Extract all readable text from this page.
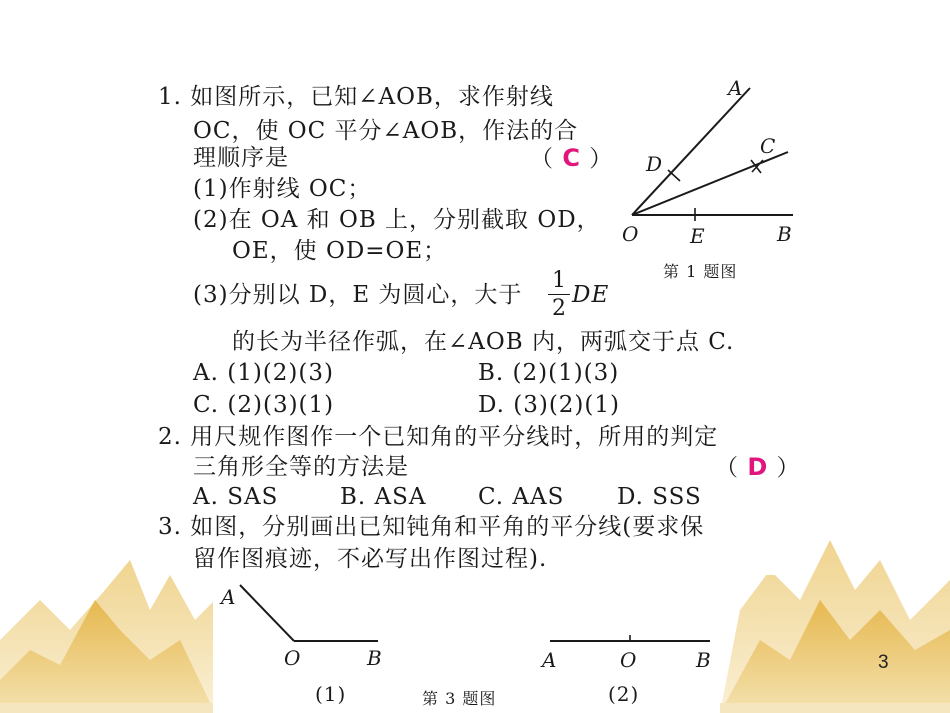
1. 如图所示，已知∠AOB，求作射线
OC，使 OC 平分∠AOB，作法的合
理顺序是	（ C ）
(1)作射线 OC；
(2)在 OA 和 OB 上，分别截取 OD，
OE，使 OD=OE；
(3)分别以 D，E 为圆心，大于
1
2
DE
的长为半径作弧，在∠AOB 内，两弧交于点 C.
A. (1)(2)(3)	B. (2)(1)(3)
C. (2)(3)(1)	D. (3)(2)(1)
A
C
D
O	E	B
第 1 题图
2. 用尺规作图作一个已知角的平分线时，所用的判定
三角形全等的方法是	（ D ）
A. SAS	B. ASA C. AAS D. SSS
3. 如图，分别画出已知钝角和平角的平分线(要求保
留作图痕迹，不必写出作图过程).
A
O	B	A	O	B
(1)	第 3 题图	(2)
3
